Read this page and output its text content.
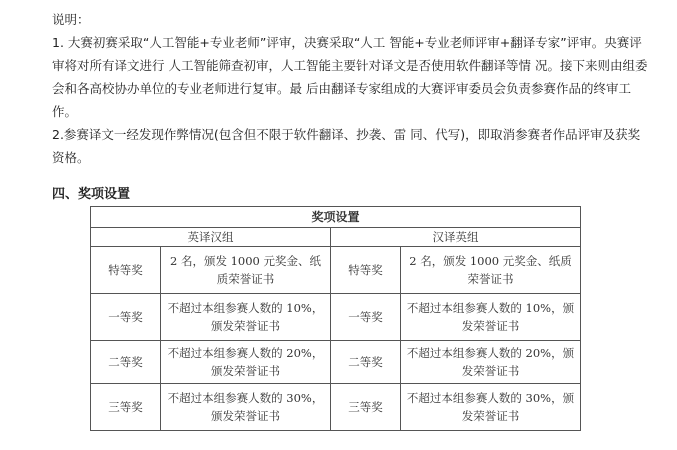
说明：

1. 大赛初赛采取“人工智能+专业老师”评审，决赛采取“人工 智能+专业老师评审+翻译专家”评审。央赛评审将对所有译文进行 人工智能筛查初审，人工智能主要针对译文是否使用软件翻译等情 况。接下来则由组委会和各高校协办单位的专业老师进行复审。最 后由翻译专家组成的大赛评审委员会负责参赛作品的终审工作。

2.参赛译文一经发现作弊情况(包含但不限于软件翻译、抄袭、雷 同、代写)，即取消参赛者作品评审及获奖资格。

四、奖项设置
奖项设置			
英译汉组		汉译英组	
特等奖	2 名，颁发 1000 元奖金、纸质荣誉证书	特等奖	2 名，颁发 1000 元奖金、纸质荣誉证书
一等奖	不超过本组参赛人数的 10%，颁发荣誉证书	一等奖	不超过本组参赛人数的 10%，颁发荣誉证书
二等奖	不超过本组参赛人数的 20%，颁发荣誉证书	二等奖	不超过本组参赛人数的 20%，颁发荣誉证书
三等奖	不超过本组参赛人数的 30%，颁发荣誉证书	三等奖	不超过本组参赛人数的 30%，颁发荣誉证书
